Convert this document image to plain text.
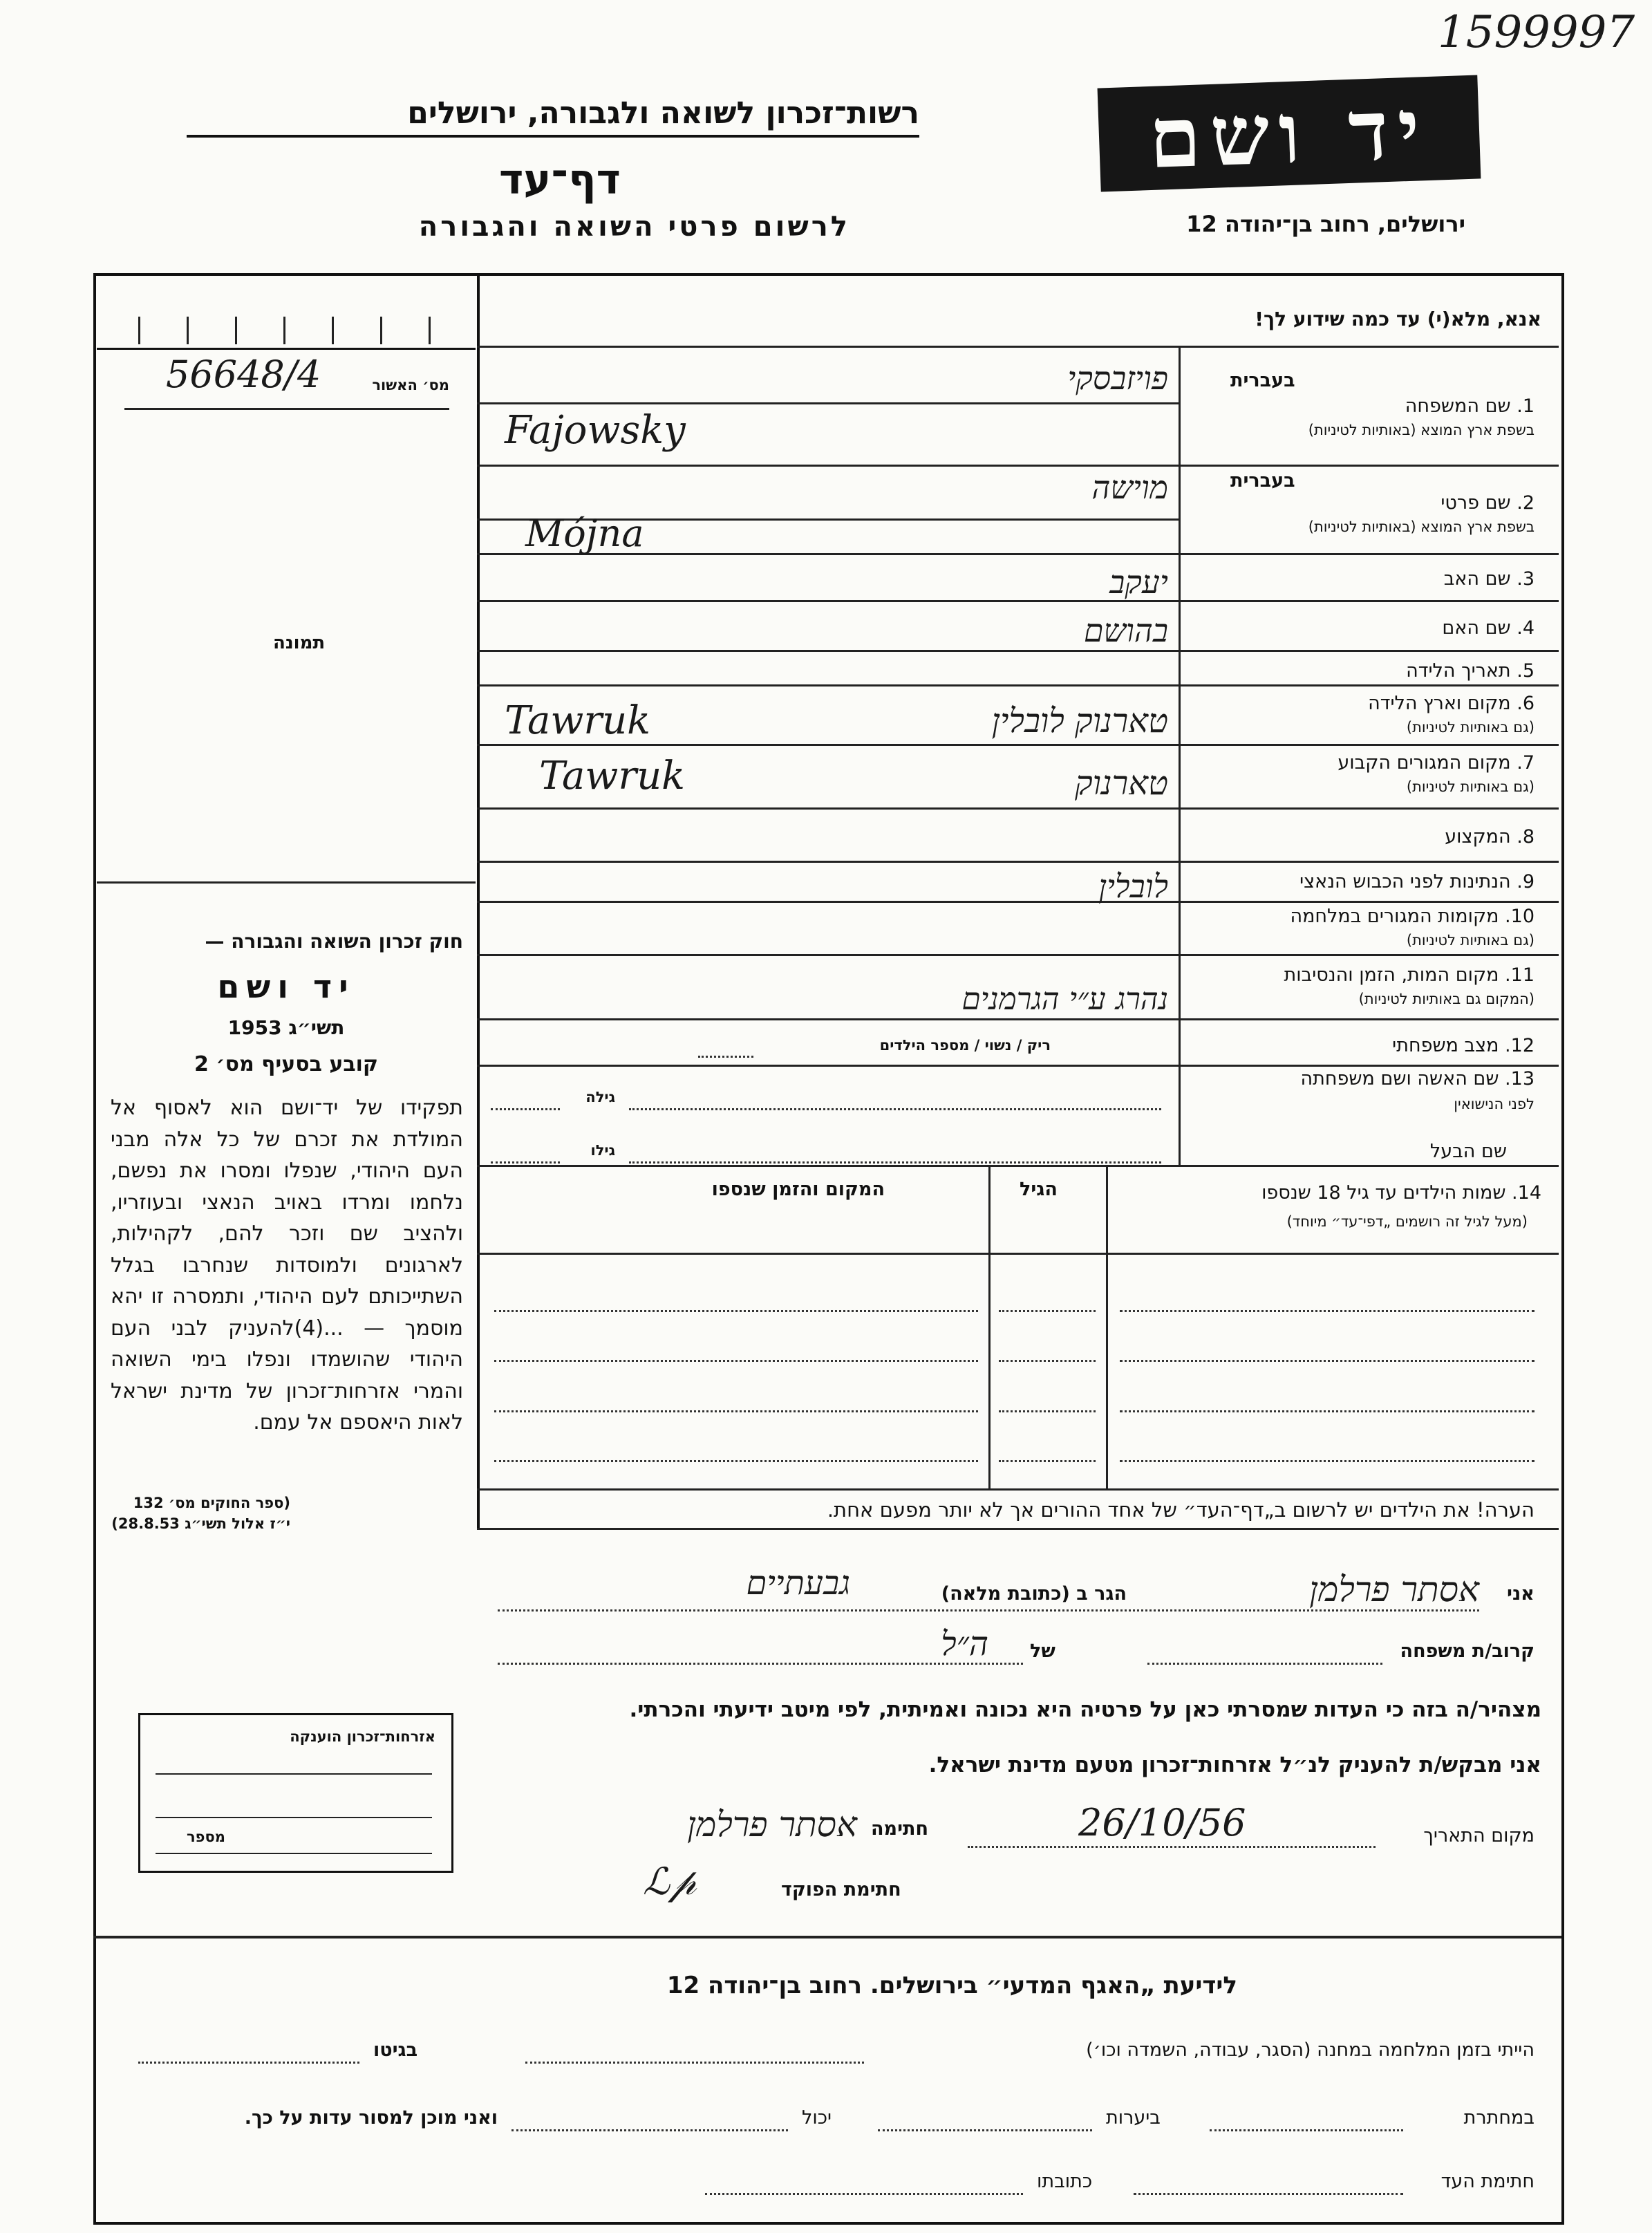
1599997
רשות־זכרון לשואה ולגבורה, ירושלים
דף־עד
לרשום פרטי השואה והגבורה
יד ושם
ירושלים, רחוב בן־יהודה 12
מס׳ האשור
56648/4
תמונה
חוק זכרון השואה והגבורה —
יד ושם
תשי״ג 1953
קובע בסעיף מס׳ 2
תפקידו של יד־ושם הוא לאסוף אל המולדת את זכרם של כל אלה מבני העם היהודי, שנפלו ומסרו את נפשם, נלחמו ומרדו באויב הנאצי ובעוזריו, ולהציב שם וזכר להם, לקהילות, לארגונים ולמוסדות שנחרבו בגלל השתייכותם לעם היהודי, ותמסרה זו יהא מוסמך — ...(4)להעניק לבני העם היהודי שהושמדו ונפלו בימי השואה והמרי אזרחות־זכרון של מדינת ישראל לאות היאספם אל עמם.
(ספר החוקים מס׳ 132
י״ז אלול תשי״ג 28.8.53)
אנא, מלא(י) עד כמה שידוע לך!
בעברית
1. שם המשפחה
בשפת ארץ המוצא (באותיות לטיניות)
פויזבסקי
Fajowsky
בעברית
2. שם פרטי
בשפת ארץ המוצא (באותיות לטיניות)
מוישה
Mójna
3. שם האב
יעקב
4. שם האם
בהושם
5. תאריך הלידה
6. מקום וארץ הלידה
(גם באותיות לטיניות)
טארנוק לובלין
Tawruk
7. מקום המגורים הקבוע
(גם באותיות לטיניות)
טארנוק
Tawruk
8. המקצוע
9. הנתינות לפני הכבוש הנאצי
לובלין
10. מקומות המגורים במלחמה
(גם באותיות לטיניות)
11. מקום המות, הזמן והנסיבות
(המקום גם באותיות לטיניות)
נהרג ע״י הגרמנים
12. מצב משפחתי
ריק / נשוי / מספר הילדים
13. שם האשה ושם משפחתה
לפני הנישואין
גילה
שם הבעל
גילו
14. שמות הילדים עד גיל 18 שנספו
(מעל לגיל זה רושמים „דפי־עד״ מיוחד)
הגיל
המקום והזמן שנספו
הערה! את הילדים יש לרשום ב„דף־העד״ של אחד ההורים אך לא יותר מפעם אחת.
אני
אסתר פרלמן
הגר ב (כתובת מלאה)
גבעתיים
קרוב/ת משפחה
של
ה״ל
מצהיר/ה בזה כי העדות שמסרתי כאן על פרטיה היא נכונה ואמיתית, לפי מיטב ידיעתי והכרתי.
אני מבקש/ת להעניק לנ״ל אזרחות־זכרון מטעם מדינת ישראל.
מקום התאריך
26/10/56
חתימה
אסתר פרלמן
חתימת הפוקד
ℒ𝓅
אזרחות־זכרון הוענקה
מספר
לידיעת „האגף המדעי״ בירושלים. רחוב בן־יהודה 12
הייתי בזמן המלחמה במחנה (הסגר, עבודה, השמדה וכו׳)
בגיטו
במחתרת
ביערות
יכול
ואני מוכן למסור עדות על כך.
חתימת העד
כתובתו
